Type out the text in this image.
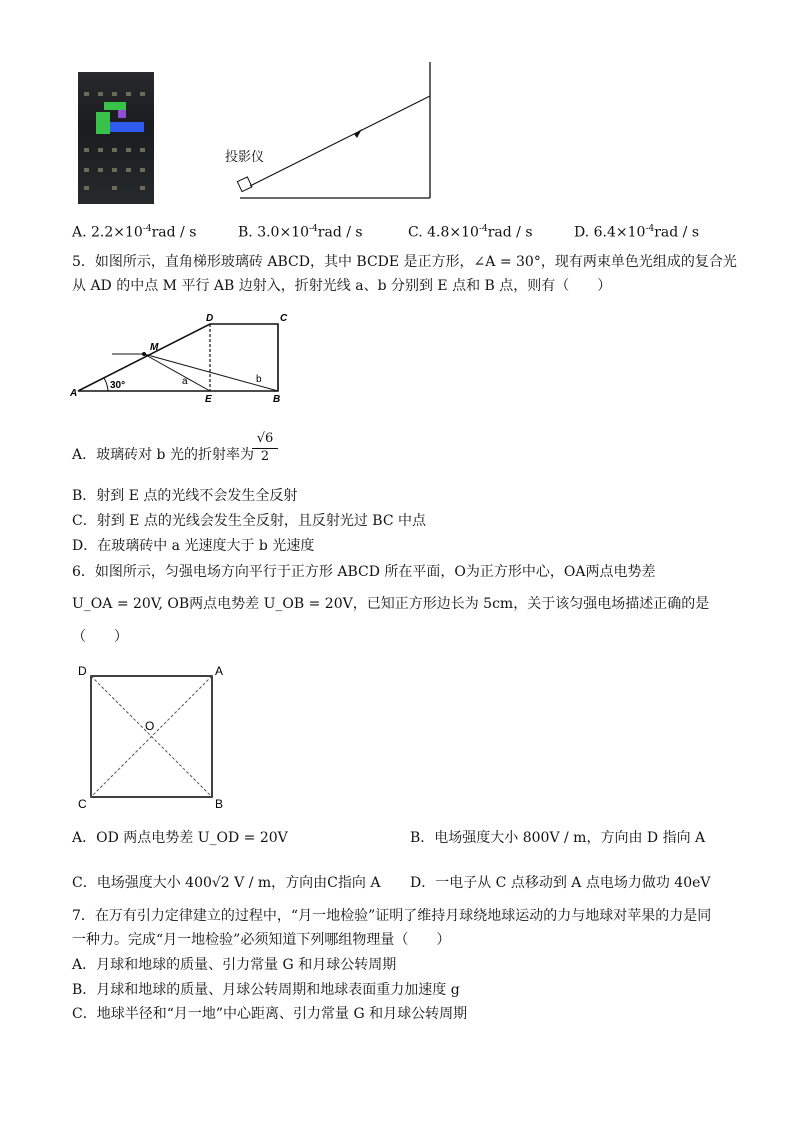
投影仪
A. $2.2\times 10^{-4}rad / s$	B. $3.0\times 10^{-4}rad / s$	C. $4.8\times 10^{-4}rad / s$	D. $6.4\times 10^{-4}rad / s$
5．如图所示，直角梯形玻璃砖 ABCD，其中 BCDE 是正方形，∠A = 30°，现有两束单色光组成的复合光
从 AD 的中点 M 平行 AB 边射入，折射光线 a、b 分别到 E 点和 B 点，则有（　　）
A
B
C
D
E
M
30°	a	b
A．玻璃砖对 b 光的折射率为
√6
2
B．射到 E 点的光线不会发生全反射
C．射到 E 点的光线会发生全反射，且反射光过 BC 中点
D．在玻璃砖中 a 光速度大于 b 光速度
6．如图所示，匀强电场方向平行于正方形 ABCD 所在平面，O为正方形中心，OA两点电势差
U_OA = 20V, OB两点电势差 U_OB = 20V，已知正方形边长为 5cm，关于该匀强电场描述正确的是
（　　）
D	A
C	B
O
A．OD 两点电势差 U_OD = 20V	B．电场强度大小 800V / m，方向由 D 指向 A
C．电场强度大小 400√2 V / m，方向由C指向 A D．一电子从 C 点移动到 A 点电场力做功 40eV
7．在万有引力定律建立的过程中，“月一地检验”证明了维持月球绕地球运动的力与地球对苹果的力是同
一种力。完成“月一地检验”必须知道下列哪组物理量（　　）
A．月球和地球的质量、引力常量 G 和月球公转周期
B．月球和地球的质量、月球公转周期和地球表面重力加速度 g
C．地球半径和“月一地”中心距离、引力常量 G 和月球公转周期
